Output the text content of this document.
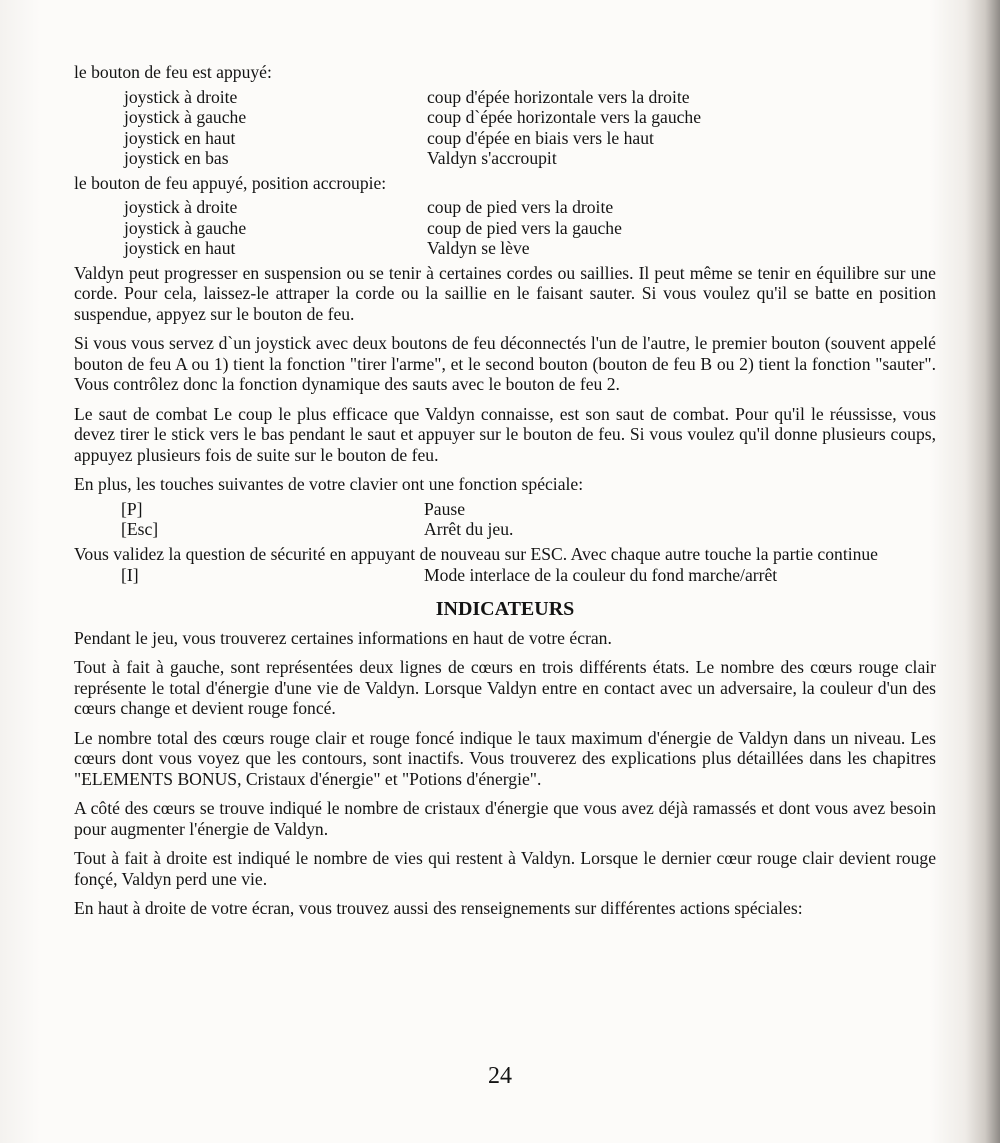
le bouton de feu est appuyé:

joystick à droite	coup d'épée horizontale vers la droite
joystick à gauche	coup d`épée horizontale vers la gauche
joystick en haut	coup d'épée en biais vers le haut
joystick en bas	Valdyn s'accroupit

le bouton de feu appuyé, position accroupie:

joystick à droite	coup de pied vers la droite
joystick à gauche	coup de pied vers la gauche
joystick en haut	Valdyn se lève

Valdyn peut progresser en suspension ou se tenir à certaines cordes ou saillies. Il peut même se tenir en équilibre sur une corde. Pour cela, laissez-le attraper la corde ou la saillie en le faisant sauter. Si vous voulez qu'il se batte en position suspendue, appyez sur le bouton de feu.

Si vous vous servez d`un joystick avec deux boutons de feu déconnectés l'un de l'autre, le premier bouton (souvent appelé bouton de feu A ou 1) tient la fonction "tirer l'arme", et le second bouton (bouton de feu B ou 2) tient la fonction "sauter". Vous contrôlez donc la fonction dynamique des sauts avec le bouton de feu 2.

Le saut de combat Le coup le plus efficace que Valdyn connaisse, est son saut de combat. Pour qu'il le réussisse, vous devez tirer le stick vers le bas pendant le saut et appuyer sur le bouton de feu. Si vous voulez qu'il donne plusieurs coups, appuyez plusieurs fois de suite sur le bouton de feu.

En plus, les touches suivantes de votre clavier ont une fonction spéciale:

[P]	Pause
[Esc]	Arrêt du jeu.

Vous validez la question de sécurité en appuyant de nouveau sur ESC. Avec chaque autre touche la partie continue

[I]	Mode interlace de la couleur du fond marche/arrêt
INDICATEURS

Pendant le jeu, vous trouverez certaines informations en haut de votre écran.

Tout à fait à gauche, sont représentées deux lignes de cœurs en trois différents états. Le nombre des cœurs rouge clair représente le total d'énergie d'une vie de Valdyn. Lorsque Valdyn entre en contact avec un adversaire, la couleur d'un des cœurs change et devient rouge foncé.

Le nombre total des cœurs rouge clair et rouge foncé indique le taux maximum d'énergie de Valdyn dans un niveau. Les cœurs dont vous voyez que les contours, sont inactifs. Vous trouverez des explications plus détaillées dans les chapitres "ELEMENTS BONUS, Cristaux d'énergie" et "Potions d'énergie".

A côté des cœurs se trouve indiqué le nombre de cristaux d'énergie que vous avez déjà ramassés et dont vous avez besoin pour augmenter l'énergie de Valdyn.

Tout à fait à droite est indiqué le nombre de vies qui restent à Valdyn. Lorsque le dernier cœur rouge clair devient rouge fonçé, Valdyn perd une vie.

En haut à droite de votre écran, vous trouvez aussi des renseignements sur différentes actions spéciales:

24
